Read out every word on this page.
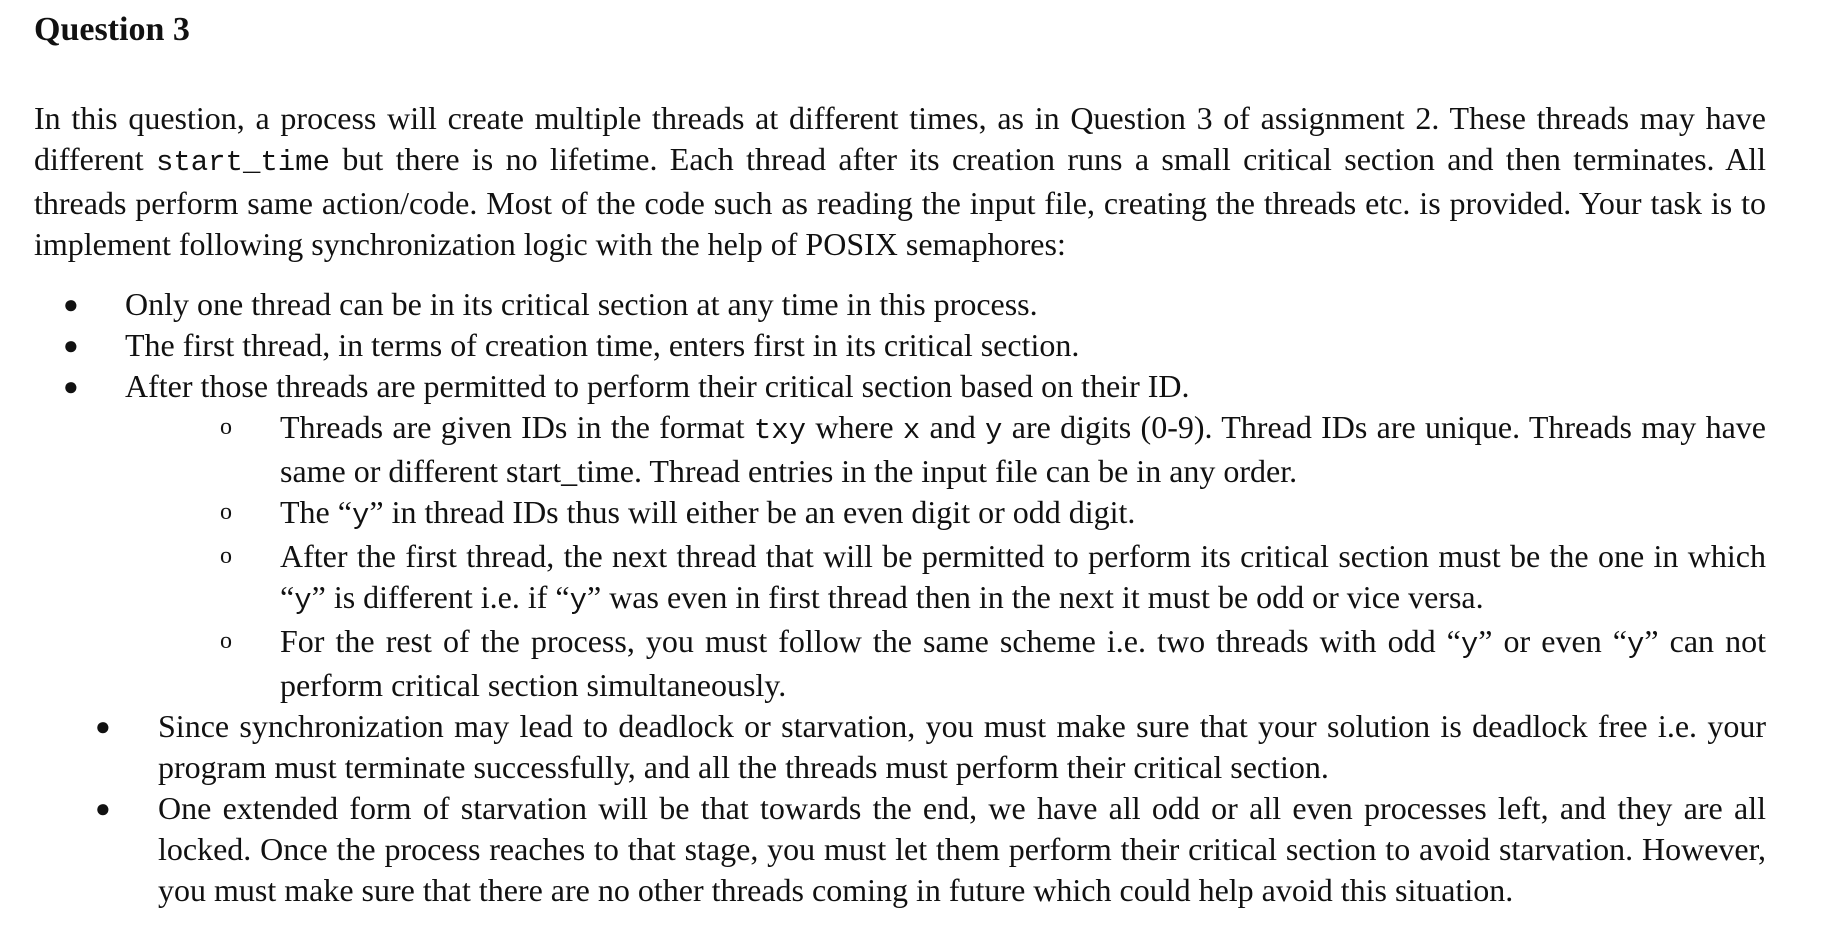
Question 3
In this question, a process will create multiple threads at different times, as in Question 3 of assignment 2. These threads may have different start_time but there is no lifetime. Each thread after its creation runs a small critical section and then terminates. All threads perform same action/code. Most of the code such as reading the input file, creating the threads etc. is provided. Your task is to implement following synchronization logic with the help of POSIX semaphores:
● Only one thread can be in its critical section at any time in this process.
● The first thread, in terms of creation time, enters first in its critical section.
● After those threads are permitted to perform their critical section based on their ID.
o Threads are given IDs in the format txy where x and y are digits (0-9). Thread IDs are unique. Threads may have same or different start_time. Thread entries in the input file can be in any order.
o The “y” in thread IDs thus will either be an even digit or odd digit.
o After the first thread, the next thread that will be permitted to perform its critical section must be the one in which “y” is different i.e. if “y” was even in first thread then in the next it must be odd or vice versa.
o For the rest of the process, you must follow the same scheme i.e. two threads with odd “y” or even “y” can not perform critical section simultaneously.
● Since synchronization may lead to deadlock or starvation, you must make sure that your solution is deadlock free i.e. your program must terminate successfully, and all the threads must perform their critical section.
● One extended form of starvation will be that towards the end, we have all odd or all even processes left, and they are all locked. Once the process reaches to that stage, you must let them perform their critical section to avoid starvation. However, you must make sure that there are no other threads coming in future which could help avoid this situation.
